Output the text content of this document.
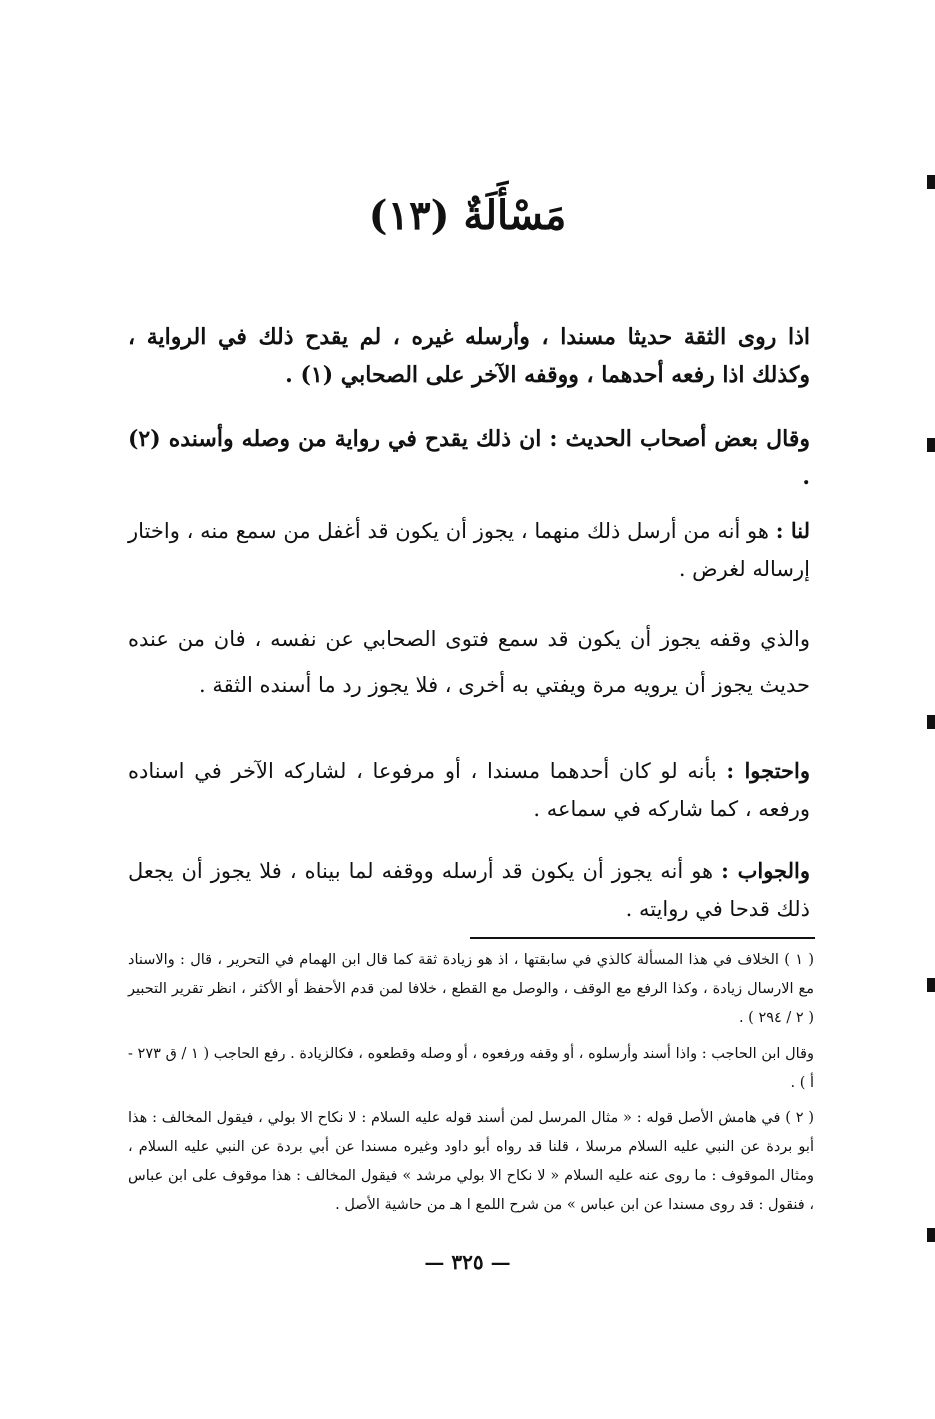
مَسْأَلَةٌ (١٣)

اذا روى الثقة حديثا مسندا ، وأرسله غيره ، لم يقدح ذلك في الرواية ، وكذلك اذا رفعه أحدهما ، ووقفه الآخر على الصحابي (١) .

وقال بعض أصحاب الحديث : ان ذلك يقدح في رواية من وصله وأسنده (٢) .

لنا : هو أنه من أرسل ذلك منهما ، يجوز أن يكون قد أغفل من سمع منه ، واختار إرساله لغرض .

والذي وقفه يجوز أن يكون قد سمع فتوى الصحابي عن نفسه ، فان من عنده حديث يجوز أن يرويه مرة ويفتي به أخرى ، فلا يجوز رد ما أسنده الثقة .

واحتجوا : بأنه لو كان أحدهما مسندا ، أو مرفوعا ، لشاركه الآخر في اسناده ورفعه ، كما شاركه في سماعه .

والجواب : هو أنه يجوز أن يكون قد أرسله ووقفه لما بيناه ، فلا يجوز أن يجعل ذلك قدحا في روايته .

( ١ ) الخلاف في هذا المسألة كالذي في سابقتها ، اذ هو زيادة ثقة كما قال ابن الهمام في التحرير ، قال : والاسناد مع الارسال زيادة ، وكذا الرفع مع الوقف ، والوصل مع القطع ، خلافا لمن قدم الأحفظ أو الأكثر ، انظر تقرير التحبير ( ٢ / ٢٩٤ ) .

وقال ابن الحاجب : واذا أسند وأرسلوه ، أو وقفه ورفعوه ، أو وصله وقطعوه ، فكالزيادة . رفع الحاجب ( ١ / ق ٢٧٣ - أ ) .

( ٢ ) في هامش الأصل قوله : « مثال المرسل لمن أسند قوله عليه السلام : لا نكاح الا بولي ، فيقول المخالف : هذا أبو بردة عن النبي عليه السلام مرسلا ، قلنا قد رواه أبو داود وغيره مسندا عن أبي بردة عن النبي عليه السلام ، ومثال الموقوف : ما روى عنه عليه السلام « لا نكاح الا بولي مرشد » فيقول المخالف : هذا موقوف على ابن عباس ، فنقول : قد روى مسندا عن ابن عباس » من شرح اللمع ا هـ من حاشية الأصل .

— ٣٢٥ —
